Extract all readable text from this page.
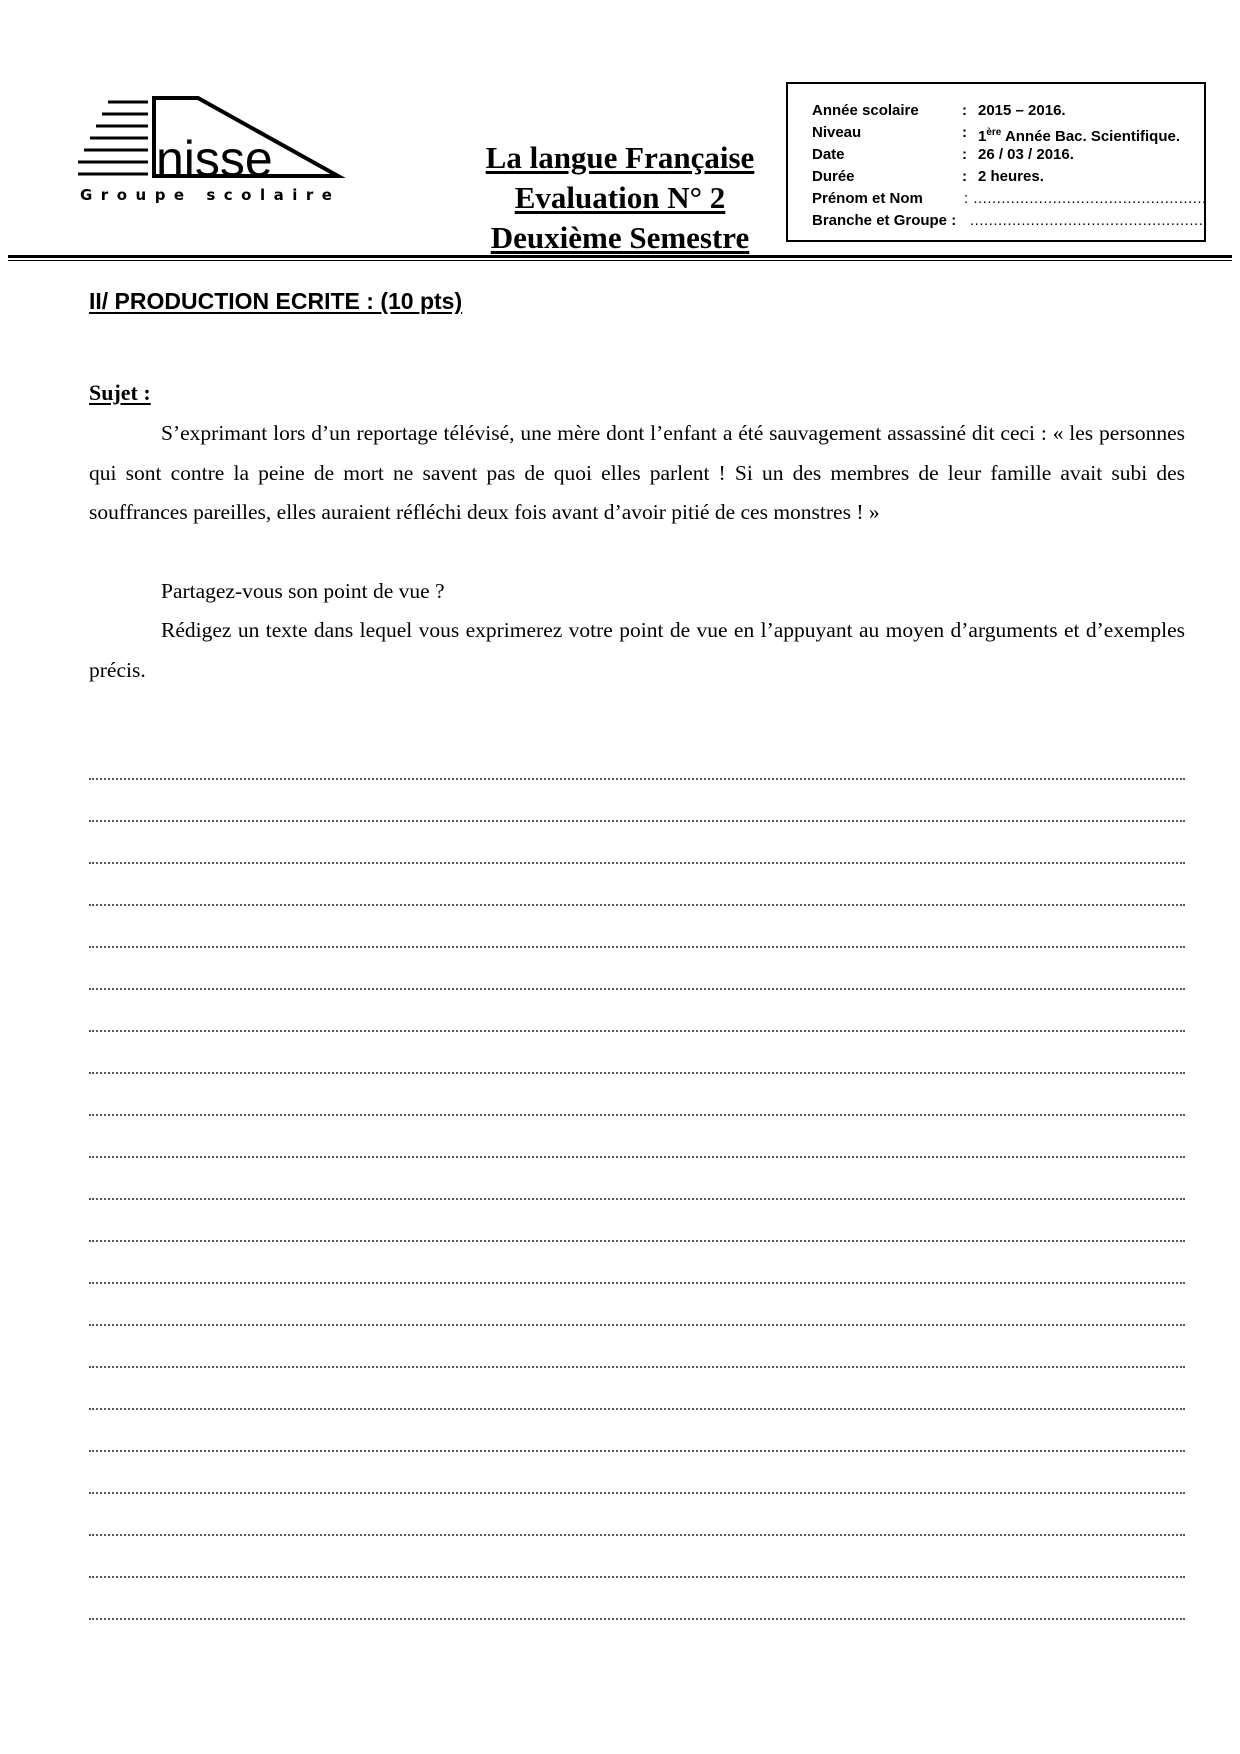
nisse
Groupe scolaire
La langue Française
Evaluation N° 2
Deuxième Semestre
Année scolaire	: 2015 – 2016.
Niveau	: 1ère Année Bac. Scientifique.
Date	: 26 / 03 / 2016.
Durée	: 2 heures.
Prénom et Nom	: ..................................................
Branche et Groupe : ...................................................
II/ PRODUCTION ECRITE : (10 pts)
Sujet :
S’exprimant lors d’un reportage télévisé, une mère dont l’enfant a été sauvagement assassiné dit ceci : « les personnes qui sont contre la peine de mort ne savent pas de quoi elles parlent ! Si un des membres de leur famille avait subi des souffrances pareilles, elles auraient réfléchi deux fois avant d’avoir pitié de ces monstres ! »
Partagez-vous son point de vue ?
Rédigez un texte dans lequel vous exprimerez votre point de vue en l’appuyant au moyen d’arguments et d’exemples précis.
